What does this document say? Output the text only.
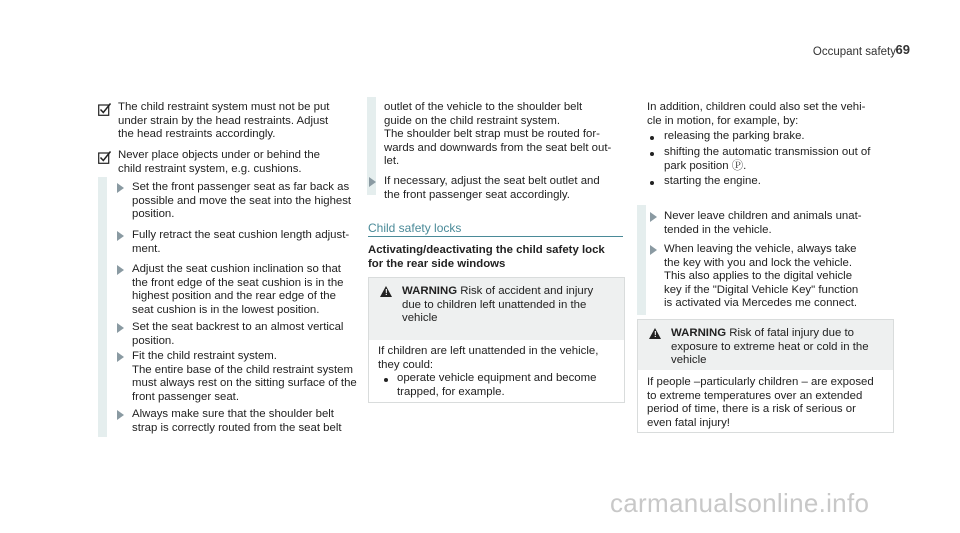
Occupant safety 69
The child restraint system must not be put
under strain by the head restraints. Adjust
the head restraints accordingly.
Never place objects under or behind the
child restraint system, e.g. cushions.
Set the front passenger seat as far back as
possible and move the seat into the highest
position.
Fully retract the seat cushion length adjust-
ment.
Adjust the seat cushion inclination so that
the front edge of the seat cushion is in the
highest position and the rear edge of the
seat cushion is in the lowest position.
Set the seat backrest to an almost vertical
position.
Fit the child restraint system.
The entire base of the child restraint system
must always rest on the sitting surface of the
front passenger seat.
Always make sure that the shoulder belt
strap is correctly routed from the seat belt
outlet of the vehicle to the shoulder belt
guide on the child restraint system.
The shoulder belt strap must be routed for-
wards and downwards from the seat belt out-
let.
If necessary, adjust the seat belt outlet and
the front passenger seat accordingly.
Child safety locks
Activating/deactivating the child safety lock
for the rear side windows
! WARNING Risk of accident and injury
due to children left unattended in the
vehicle
If children are left unattended in the vehicle,
they could:
operate vehicle equipment and become
trapped, for example.
In addition, children could also set the vehi-
cle in motion, for example, by:
releasing the parking brake.
shifting the automatic transmission out of
park position Ⓟ.
starting the engine.
Never leave children and animals unat-
tended in the vehicle.
When leaving the vehicle, always take
the key with you and lock the vehicle.
This also applies to the digital vehicle
key if the "Digital Vehicle Key" function
is activated via Mercedes me connect.
! WARNING Risk of fatal injury due to
exposure to extreme heat or cold in the
vehicle
If people –particularly children – are exposed
to extreme temperatures over an extended
period of time, there is a risk of serious or
even fatal injury!
carmanualsonline.info
